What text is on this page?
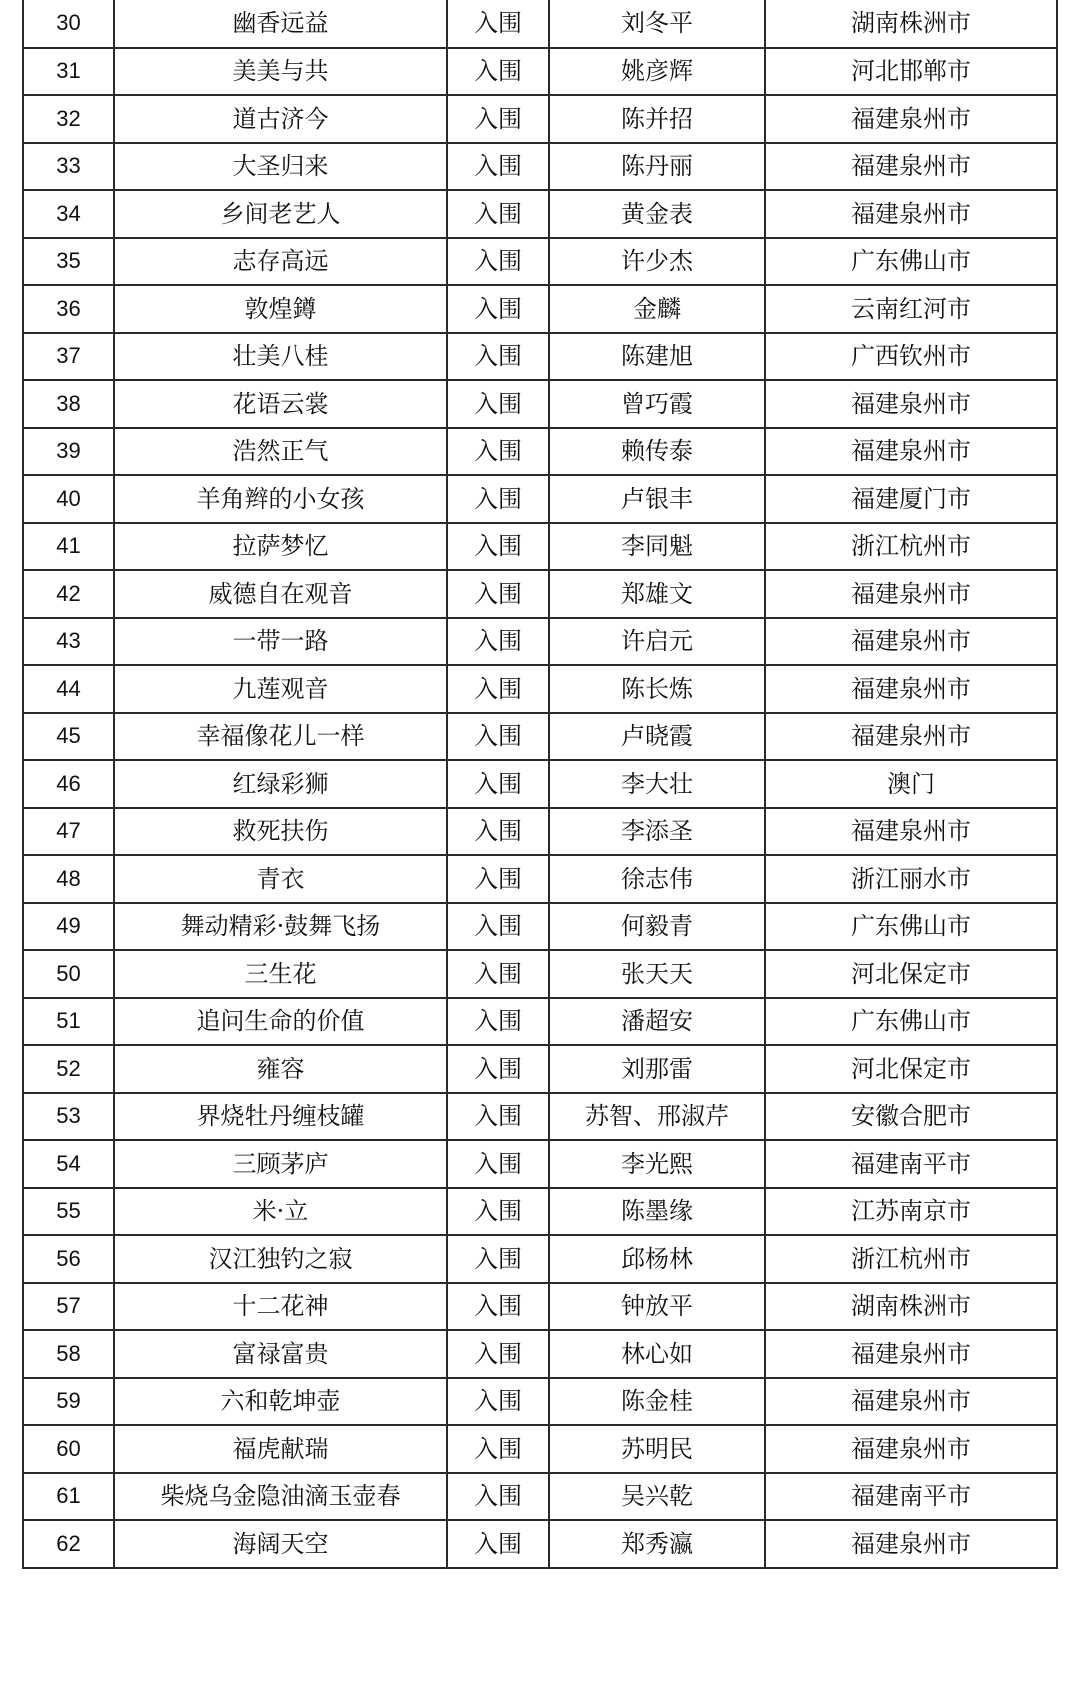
30	幽香远益	入围	刘冬平	湖南株洲市
31	美美与共	入围	姚彦辉	河北邯郸市
32	道古济今	入围	陈并招	福建泉州市
33	大圣归来	入围	陈丹丽	福建泉州市
34	乡间老艺人	入围	黄金表	福建泉州市
35	志存高远	入围	许少杰	广东佛山市
36	敦煌鐏	入围	金麟	云南红河市
37	壮美八桂	入围	陈建旭	广西钦州市
38	花语云裳	入围	曾巧霞	福建泉州市
39	浩然正气	入围	赖传泰	福建泉州市
40	羊角辫的小女孩	入围	卢银丰	福建厦门市
41	拉萨梦忆	入围	李同魁	浙江杭州市
42	威德自在观音	入围	郑雄文	福建泉州市
43	一带一路	入围	许启元	福建泉州市
44	九莲观音	入围	陈长炼	福建泉州市
45	幸福像花儿一样	入围	卢晓霞	福建泉州市
46	红绿彩狮	入围	李大壮	澳门
47	救死扶伤	入围	李添圣	福建泉州市
48	青衣	入围	徐志伟	浙江丽水市
49	舞动精彩·鼓舞飞扬	入围	何毅青	广东佛山市
50	三生花	入围	张天天	河北保定市
51	追问生命的价值	入围	潘超安	广东佛山市
52	雍容	入围	刘那雷	河北保定市
53	界烧牡丹缠枝罐	入围	苏智、邢淑芹	安徽合肥市
54	三顾茅庐	入围	李光熙	福建南平市
55	米·立	入围	陈墨缘	江苏南京市
56	汉江独钓之寂	入围	邱杨林	浙江杭州市
57	十二花神	入围	钟放平	湖南株洲市
58	富禄富贵	入围	林心如	福建泉州市
59	六和乾坤壶	入围	陈金桂	福建泉州市
60	福虎献瑞	入围	苏明民	福建泉州市
61	柴烧乌金隐油滴玉壶春	入围	吴兴乾	福建南平市
62	海阔天空	入围	郑秀瀛	福建泉州市
